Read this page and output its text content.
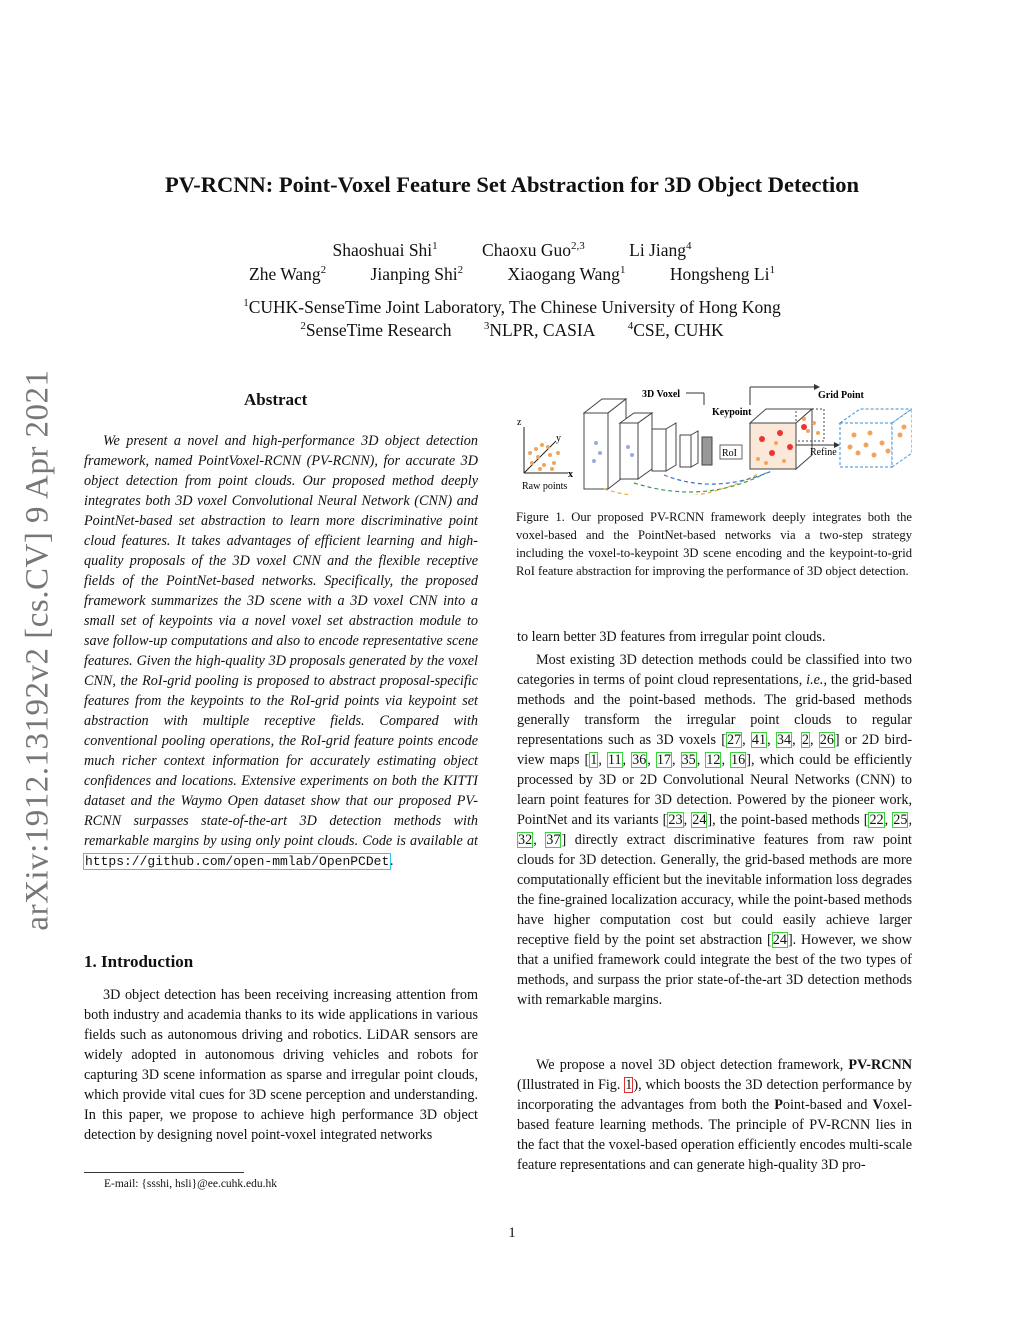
arXiv:1912.13192v2 [cs.CV] 9 Apr 2021
PV-RCNN: Point-Voxel Feature Set Abstraction for 3D Object Detection
Shaoshuai Shi$^1$	Chaoxu Guo$^{2,3}$	Li Jiang$^4$
Zhe Wang$^2$	Jianping Shi$^2$	Xiaogang Wang$^1$	Hongsheng Li$^1$
$^1$CUHK-SenseTime Joint Laboratory, The Chinese University of Hong Kong
$^2$SenseTime Research	$^3$NLPR, CASIA	$^4$CSE, CUHK
Abstract
We present a novel and high-performance 3D object detection framework, named PointVoxel-RCNN (PV-RCNN), for accurate 3D object detection from point clouds. Our proposed method deeply integrates both 3D voxel Convolutional Neural Network (CNN) and PointNet-based set abstraction to learn more discriminative point cloud features. It takes advantages of efficient learning and high-quality proposals of the 3D voxel CNN and the flexible receptive fields of the PointNet-based networks. Specifically, the proposed framework summarizes the 3D scene with a 3D voxel CNN into a small set of keypoints via a novel voxel set abstraction module to save follow-up computations and also to encode representative scene features. Given the high-quality 3D proposals generated by the voxel CNN, the RoI-grid pooling is proposed to abstract proposal-specific features from the keypoints to the RoI-grid points via keypoint set abstraction with multiple receptive fields. Compared with conventional pooling operations, the RoI-grid feature points encode much richer context information for accurately estimating object confidences and locations. Extensive experiments on both the KITTI dataset and the Waymo Open dataset show that our proposed PV-RCNN surpasses state-of-the-art 3D detection methods with remarkable margins by using only point clouds. Code is available at https://github.com/open-mmlab/OpenPCDet.
1. Introduction
3D object detection has been receiving increasing attention from both industry and academia thanks to its wide applications in various fields such as autonomous driving and robotics. LiDAR sensors are widely adopted in autonomous driving vehicles and robots for capturing 3D scene information as sparse and irregular point clouds, which provide vital cues for 3D scene perception and understanding. In this paper, we propose to achieve high performance 3D object detection by designing novel point-voxel integrated networks
E-mail: {ssshi, hsli}@ee.cuhk.edu.hk
z
y
x
Raw points
3D Voxel
Keypoint
RoI
Grid Point
Refine
Figure 1. Our proposed PV-RCNN framework deeply integrates both the voxel-based and the PointNet-based networks via a two-step strategy including the voxel-to-keypoint 3D scene encoding and the keypoint-to-grid RoI feature abstraction for improving the performance of 3D object detection.
to learn better 3D features from irregular point clouds.
Most existing 3D detection methods could be classified into two categories in terms of point cloud representations, i.e., the grid-based methods and the point-based methods. The grid-based methods generally transform the irregular point clouds to regular representations such as 3D voxels [27, 41, 34, 2, 26] or 2D bird-view maps [1, 11, 36, 17, 35, 12, 16], which could be efficiently processed by 3D or 2D Convolutional Neural Networks (CNN) to learn point features for 3D detection. Powered by the pioneer work, PointNet and its variants [23, 24], the point-based methods [22, 25, 32, 37] directly extract discriminative features from raw point clouds for 3D detection. Generally, the grid-based methods are more computationally efficient but the inevitable information loss degrades the fine-grained localization accuracy, while the point-based methods have higher computation cost but could easily achieve larger receptive field by the point set abstraction [24]. However, we show that a unified framework could integrate the best of the two types of methods, and surpass the prior state-of-the-art 3D detection methods with remarkable margins.
We propose a novel 3D object detection framework, PV-RCNN (Illustrated in Fig. 1), which boosts the 3D detection performance by incorporating the advantages from both the Point-based and Voxel-based feature learning methods. The principle of PV-RCNN lies in the fact that the voxel-based operation efficiently encodes multi-scale feature representations and can generate high-quality 3D pro-
1
